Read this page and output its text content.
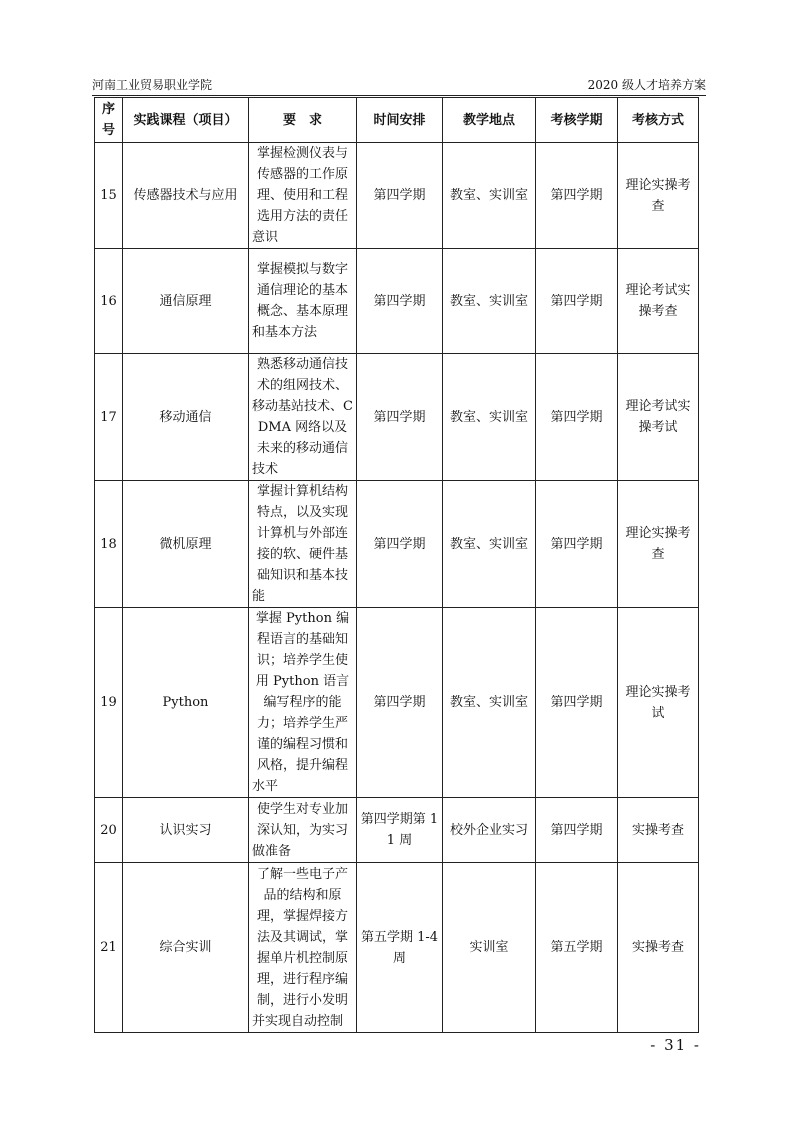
河南工业贸易职业学院	2020 级人才培养方案
序号	实践课程（项目）	要　求	时间安排	教学地点	考核学期	考核方式
15	传感器技术与应用	掌握检测仪表与传感器的工作原理、使用和工程选用方法的责任意识	第四学期	教室、实训室	第四学期	理论实操考查
16	通信原理	掌握模拟与数字通信理论的基本概念、基本原理和基本方法	第四学期	教室、实训室	第四学期	理论考试实操考查
17	移动通信	熟悉移动通信技术的组网技术、移动基站技术、CDMA 网络以及未来的移动通信技术	第四学期	教室、实训室	第四学期	理论考试实操考试
18	微机原理	掌握计算机结构特点，以及实现计算机与外部连接的软、硬件基础知识和基本技能	第四学期	教室、实训室	第四学期	理论实操考查
19	Python	掌握 Python 编程语言的基础知识；培养学生使用 Python 语言编写程序的能力；培养学生严谨的编程习惯和风格，提升编程水平	第四学期	教室、实训室	第四学期	理论实操考试
20	认识实习	使学生对专业加深认知，为实习做准备	第四学期第 11 周	校外企业实习	第四学期	实操考查
21	综合实训	了解一些电子产品的结构和原理，掌握焊接方法及其调试，掌握单片机控制原理，进行程序编制，进行小发明并实现自动控制	第五学期 1-4 周	实训室	第五学期	实操考查
- 31 -
